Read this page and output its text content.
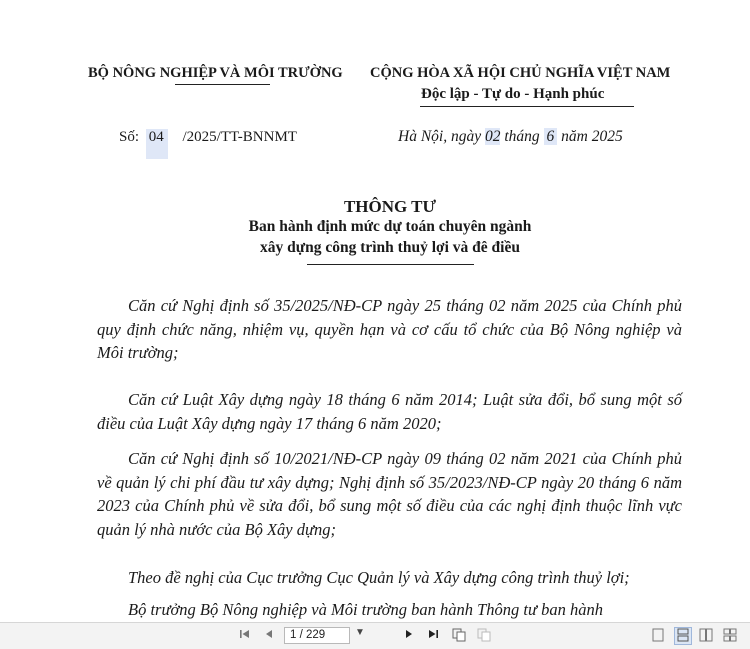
BỘ NÔNG NGHIỆP VÀ MÔI TRƯỜNG CỘNG HÒA XÃ HỘI CHỦ NGHĨA VIỆT NAM
Độc lập - Tự do - Hạnh phúc
Số: 04 /2025/TT-BNNMT	Hà Nội, ngày 02 tháng 6 năm 2025
THÔNG TƯ
Ban hành định mức dự toán chuyên ngành
xây dựng công trình thuỷ lợi và đê điều
Căn cứ Nghị định số 35/2025/NĐ-CP ngày 25 tháng 02 năm 2025 của Chính phủ quy định chức năng, nhiệm vụ, quyền hạn và cơ cấu tổ chức của Bộ Nông nghiệp và Môi trường;
Căn cứ Luật Xây dựng ngày 18 tháng 6 năm 2014; Luật sửa đổi, bổ sung một số điều của Luật Xây dựng ngày 17 tháng 6 năm 2020;
Căn cứ Nghị định số 10/2021/NĐ-CP ngày 09 tháng 02 năm 2021 của Chính phủ về quản lý chi phí đầu tư xây dựng; Nghị định số 35/2023/NĐ-CP ngày 20 tháng 6 năm 2023 của Chính phủ về sửa đổi, bổ sung một số điều của các nghị định thuộc lĩnh vực quản lý nhà nước của Bộ Xây dựng;
Theo đề nghị của Cục trưởng Cục Quản lý và Xây dựng công trình thuỷ lợi;
Bộ trưởng Bộ Nông nghiệp và Môi trường ban hành Thông tư ban hành
1 / 229	▼
